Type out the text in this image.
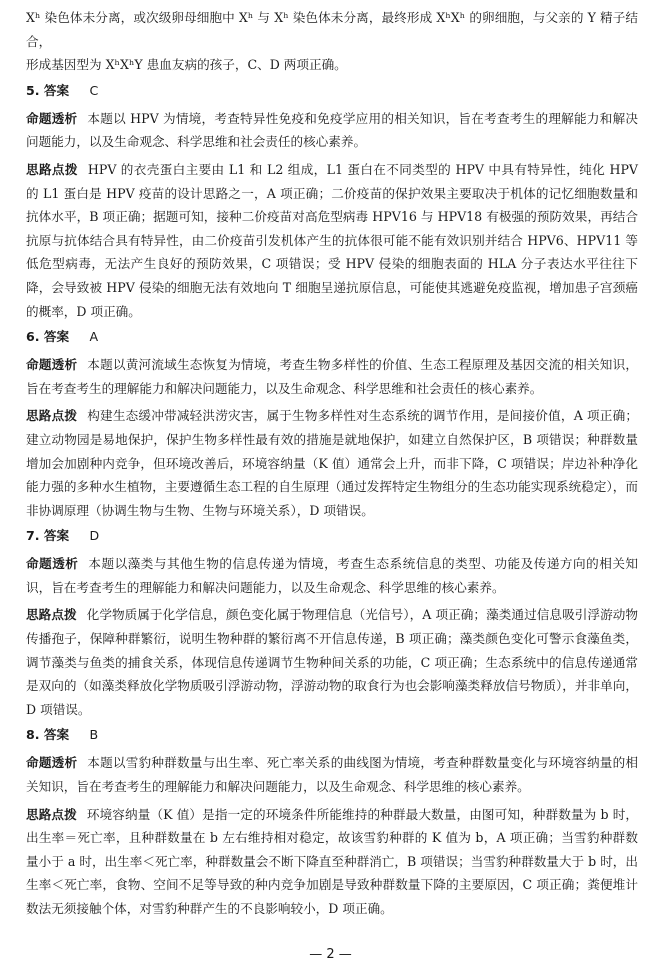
Xʰ 染色体未分离，或次级卵母细胞中 Xʰ 与 Xʰ 染色体未分离，最终形成 XʰXʰ 的卵细胞，与父亲的 Y 精子结合，

形成基因型为 XʰXʰY 患血友病的孩子，C、D 两项正确。

5. 答案 C

命题透析 本题以 HPV 为情境，考查特异性免疫和免疫学应用的相关知识，旨在考查考生的理解能力和解决问题能力，以及生命观念、科学思维和社会责任的核心素养。

思路点拨 HPV 的衣壳蛋白主要由 L1 和 L2 组成，L1 蛋白在不同类型的 HPV 中具有特异性，纯化 HPV 的 L1 蛋白是 HPV 疫苗的设计思路之一，A 项正确；二价疫苗的保护效果主要取决于机体的记忆细胞数量和抗体水平，B 项正确；据题可知，接种二价疫苗对高危型病毒 HPV16 与 HPV18 有极强的预防效果，再结合抗原与抗体结合具有特异性，由二价疫苗引发机体产生的抗体很可能不能有效识别并结合 HPV6、HPV11 等低危型病毒，无法产生良好的预防效果，C 项错误；受 HPV 侵染的细胞表面的 HLA 分子表达水平往往下降，会导致被 HPV 侵染的细胞无法有效地向 T 细胞呈递抗原信息，可能使其逃避免疫监视，增加患子宫颈癌的概率，D 项正确。

6. 答案 A

命题透析 本题以黄河流域生态恢复为情境，考查生物多样性的价值、生态工程原理及基因交流的相关知识，旨在考查考生的理解能力和解决问题能力，以及生命观念、科学思维和社会责任的核心素养。

思路点拨 构建生态缓冲带减轻洪涝灾害，属于生物多样性对生态系统的调节作用，是间接价值，A 项正确；建立动物园是易地保护，保护生物多样性最有效的措施是就地保护，如建立自然保护区，B 项错误；种群数量增加会加剧种内竞争，但环境改善后，环境容纳量（K 值）通常会上升，而非下降，C 项错误；岸边补种净化能力强的多种水生植物，主要遵循生态工程的自生原理（通过发挥特定生物组分的生态功能实现系统稳定），而非协调原理（协调生物与生物、生物与环境关系），D 项错误。

7. 答案 D

命题透析 本题以藻类与其他生物的信息传递为情境，考查生态系统信息的类型、功能及传递方向的相关知识，旨在考查考生的理解能力和解决问题能力，以及生命观念、科学思维的核心素养。

思路点拨 化学物质属于化学信息，颜色变化属于物理信息（光信号），A 项正确；藻类通过信息吸引浮游动物传播孢子，保障种群繁衍，说明生物种群的繁衍离不开信息传递，B 项正确；藻类颜色变化可警示食藻鱼类，调节藻类与鱼类的捕食关系，体现信息传递调节生物种间关系的功能，C 项正确；生态系统中的信息传递通常是双向的（如藻类释放化学物质吸引浮游动物，浮游动物的取食行为也会影响藻类释放信号物质），并非单向，D 项错误。

8. 答案 B

命题透析 本题以雪豹种群数量与出生率、死亡率关系的曲线图为情境，考查种群数量变化与环境容纳量的相关知识，旨在考查考生的理解能力和解决问题能力，以及生命观念、科学思维的核心素养。

思路点拨 环境容纳量（K 值）是指一定的环境条件所能维持的种群最大数量，由图可知，种群数量为 b 时，出生率＝死亡率，且种群数量在 b 左右维持相对稳定，故该雪豹种群的 K 值为 b，A 项正确；当雪豹种群数量小于 a 时，出生率＜死亡率，种群数量会不断下降直至种群消亡，B 项错误；当雪豹种群数量大于 b 时，出生率＜死亡率，食物、空间不足等导致的种内竞争加剧是导致种群数量下降的主要原因，C 项正确；粪便堆计数法无须接触个体，对雪豹种群产生的不良影响较小，D 项正确。

— 2 —
